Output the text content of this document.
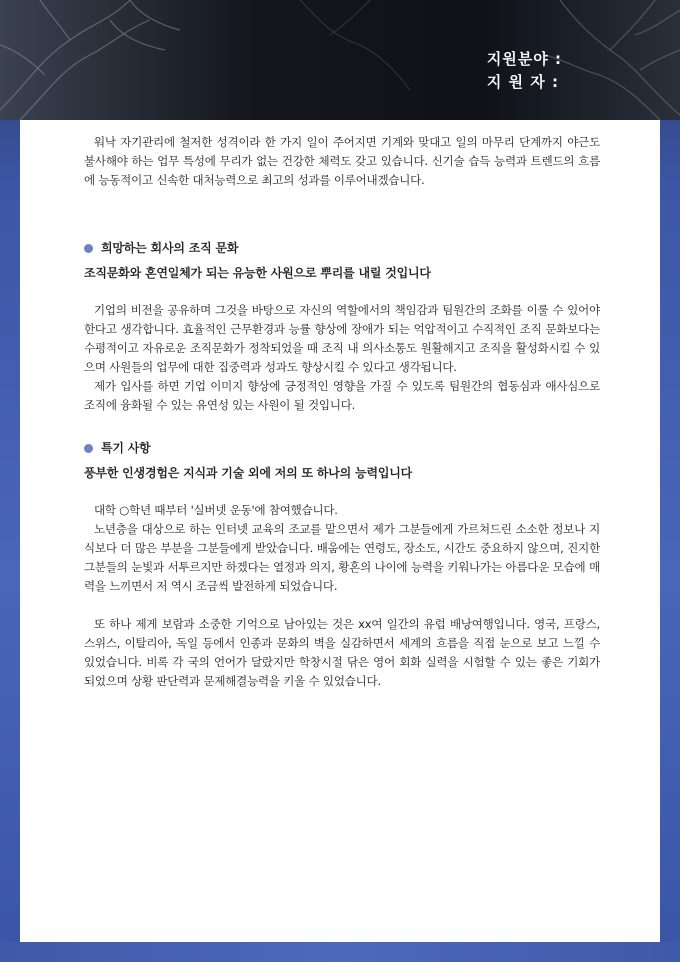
지원분야 :
지 원 자 :

워낙 자기관리에 철저한 성격이라 한 가지 일이 주어지면 기계와 맞대고 일의 마무리 단계까지 야근도 불사해야 하는 업무 특성에 무리가 없는 건강한 체력도 갖고 있습니다. 신기술 습득 능력과 트렌드의 흐름에 능동적이고 신속한 대처능력으로 최고의 성과를 이루어내겠습니다.

희망하는 회사의 조직 문화

조직문화와 혼연일체가 되는 유능한 사원으로 뿌리를 내릴 것입니다

기업의 비전을 공유하며 그것을 바탕으로 자신의 역할에서의 책임감과 팀원간의 조화를 이룰 수 있어야 한다고 생각합니다. 효율적인 근무환경과 능률 향상에 장애가 되는 억압적이고 수직적인 조직 문화보다는 수평적이고 자유로운 조직문화가 정착되었을 때 조직 내 의사소통도 원활해지고 조직을 활성화시킬 수 있으며 사원들의 업무에 대한 집중력과 성과도 향상시킬 수 있다고 생각됩니다.

제가 입사를 하면 기업 이미지 향상에 긍정적인 영향을 가질 수 있도록 팀원간의 협동심과 애사심으로 조직에 융화될 수 있는 유연성 있는 사원이 될 것입니다.

특기 사항

풍부한 인생경험은 지식과 기술 외에 저의 또 하나의 능력입니다

대학 ○학년 때부터 '실버넷 운동'에 참여했습니다.

노년층을 대상으로 하는 인터넷 교육의 조교를 맡으면서 제가 그분들에게 가르쳐드린 소소한 정보나 지식보다 더 많은 부분을 그분들에게 받았습니다. 배움에는 연령도, 장소도, 시간도 중요하지 않으며, 진지한 그분들의 눈빛과 서투르지만 하겠다는 열정과 의지, 황혼의 나이에 능력을 키워나가는 아름다운 모습에 매력을 느끼면서 저 역시 조금씩 발전하게 되었습니다.

또 하나 제게 보람과 소중한 기억으로 남아있는 것은 xx여 일간의 유럽 배낭여행입니다. 영국, 프랑스, 스위스, 이탈리아, 독일 등에서 인종과 문화의 벽을 실감하면서 세계의 흐름을 직접 눈으로 보고 느낄 수 있었습니다. 비록 각 국의 언어가 달랐지만 학창시절 닦은 영어 회화 실력을 시험할 수 있는 좋은 기회가 되었으며 상황 판단력과 문제해결능력을 키울 수 있었습니다.
